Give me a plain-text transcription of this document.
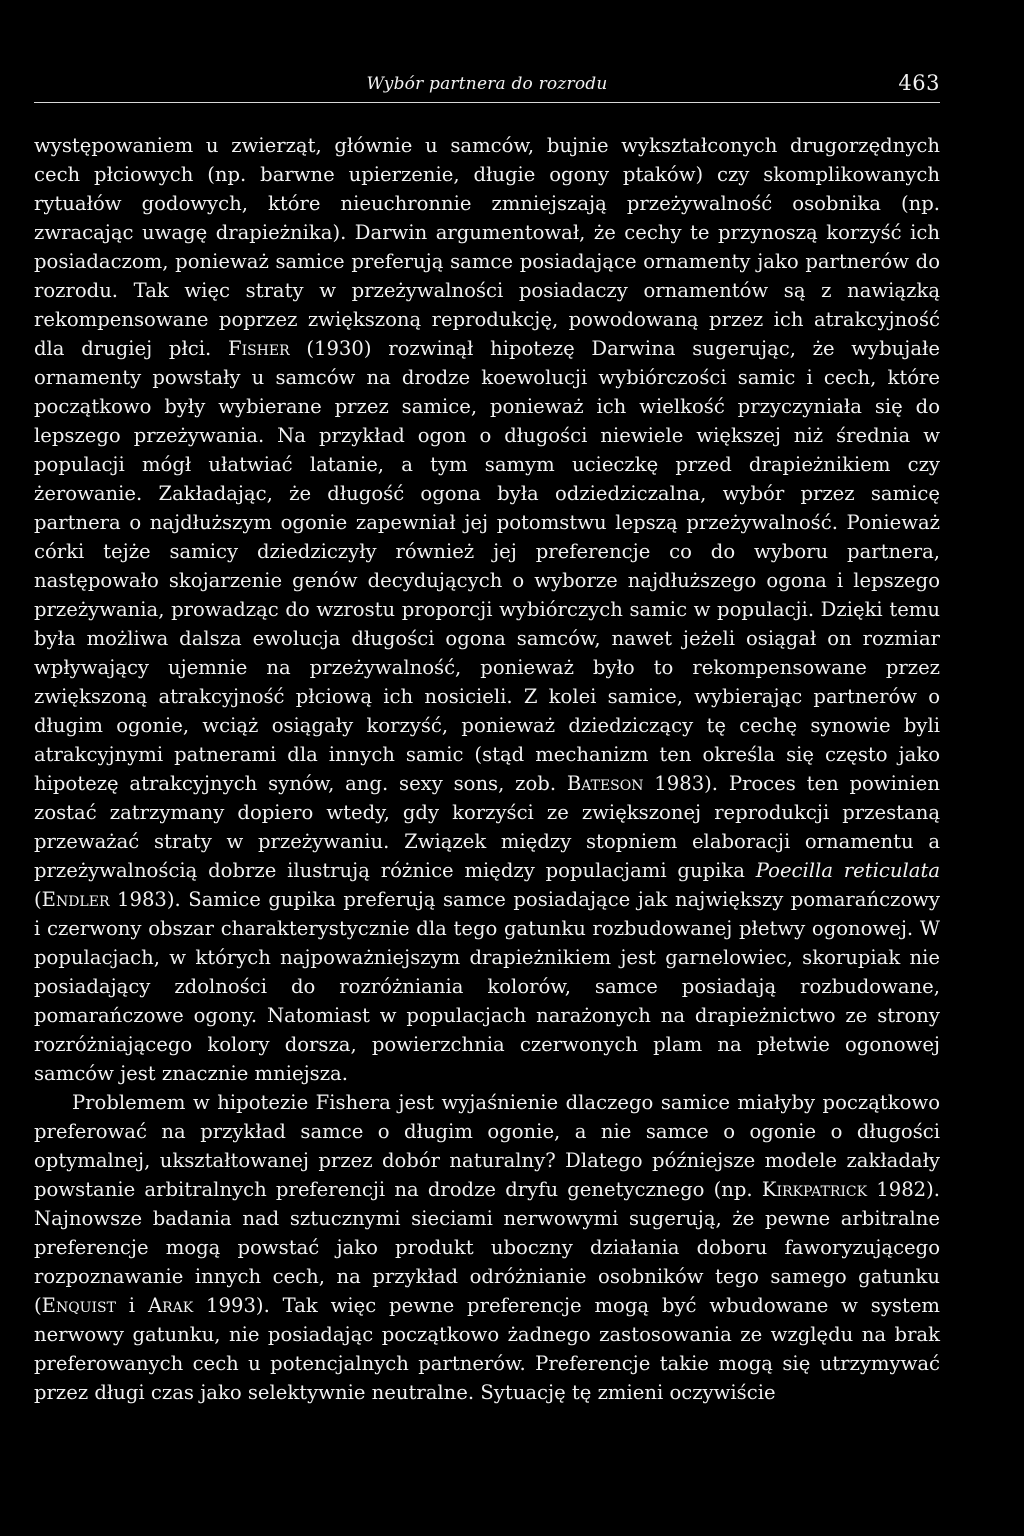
Wybór partnera do rozrodu	463

występowaniem u zwierząt, głównie u samców, bujnie wykształconych drugorzędnych cech płciowych (np. barwne upierzenie, długie ogony ptaków) czy skomplikowanych rytuałów godowych, które nieuchronnie zmniejszają przeżywalność osobnika (np. zwracając uwagę drapieżnika). Darwin argumentował, że cechy te przynoszą korzyść ich posiadaczom, ponieważ samice preferują samce posiadające ornamenty jako partnerów do rozrodu. Tak więc straty w przeżywalności posiadaczy ornamentów są z nawiązką rekompensowane poprzez zwiększoną reprodukcję, powodowaną przez ich atrakcyjność dla drugiej płci. Fisher (1930) rozwinął hipotezę Darwina sugerując, że wybujałe ornamenty powstały u samców na drodze koewolucji wybiórczości samic i cech, które początkowo były wybierane przez samice, ponieważ ich wielkość przyczyniała się do lepszego przeżywania. Na przykład ogon o długości niewiele większej niż średnia w populacji mógł ułatwiać latanie, a tym samym ucieczkę przed drapieżnikiem czy żerowanie. Zakładając, że długość ogona była odziedziczalna, wybór przez samicę partnera o najdłuższym ogonie zapewniał jej potomstwu lepszą przeżywalność. Ponieważ córki tejże samicy dziedziczyły również jej preferencje co do wyboru partnera, następowało skojarzenie genów decydujących o wyborze najdłuższego ogona i lepszego przeżywania, prowadząc do wzrostu proporcji wybiórczych samic w populacji. Dzięki temu była możliwa dalsza ewolucja długości ogona samców, nawet jeżeli osiągał on rozmiar wpływający ujemnie na przeżywalność, ponieważ było to rekompensowane przez zwiększoną atrakcyjność płciową ich nosicieli. Z kolei samice, wybierając partnerów o długim ogonie, wciąż osiągały korzyść, ponieważ dziedziczący tę cechę synowie byli atrakcyjnymi patnerami dla innych samic (stąd mechanizm ten określa się często jako hipotezę atrakcyjnych synów, ang. sexy sons, zob. Bateson 1983). Proces ten powinien zostać zatrzymany dopiero wtedy, gdy korzyści ze zwiększonej reprodukcji przestaną przeważać straty w przeżywaniu. Związek między stopniem elaboracji ornamentu a przeżywalnością dobrze ilustrują różnice między populacjami gupika Poecilla reticulata (Endler 1983). Samice gupika preferują samce posiadające jak największy pomarańczowy i czerwony obszar charakterystycznie dla tego gatunku rozbudowanej płetwy ogonowej. W populacjach, w których najpoważniejszym drapieżnikiem jest garnelowiec, skorupiak nie posiadający zdolności do rozróżniania kolorów, samce posiadają rozbudowane, pomarańczowe ogony. Natomiast w populacjach narażonych na drapieżnictwo ze strony rozróżniającego kolory dorsza, powierzchnia czerwonych plam na płetwie ogonowej samców jest znacznie mniejsza.

Problemem w hipotezie Fishera jest wyjaśnienie dlaczego samice miałyby początkowo preferować na przykład samce o długim ogonie, a nie samce o ogonie o długości optymalnej, ukształtowanej przez dobór naturalny? Dlatego późniejsze modele zakładały powstanie arbitralnych preferencji na drodze dryfu genetycznego (np. Kirkpatrick 1982). Najnowsze badania nad sztucznymi sieciami nerwowymi sugerują, że pewne arbitralne preferencje mogą powstać jako produkt uboczny działania doboru faworyzującego rozpoznawanie innych cech, na przykład odróżnianie osobników tego samego gatunku (Enquist i Arak 1993). Tak więc pewne preferencje mogą być wbudowane w system nerwowy gatunku, nie posiadając początkowo żadnego zastosowania ze względu na brak preferowanych cech u potencjalnych partnerów. Preferencje takie mogą się utrzymywać przez długi czas jako selektywnie neutralne. Sytuację tę zmieni oczywiście
